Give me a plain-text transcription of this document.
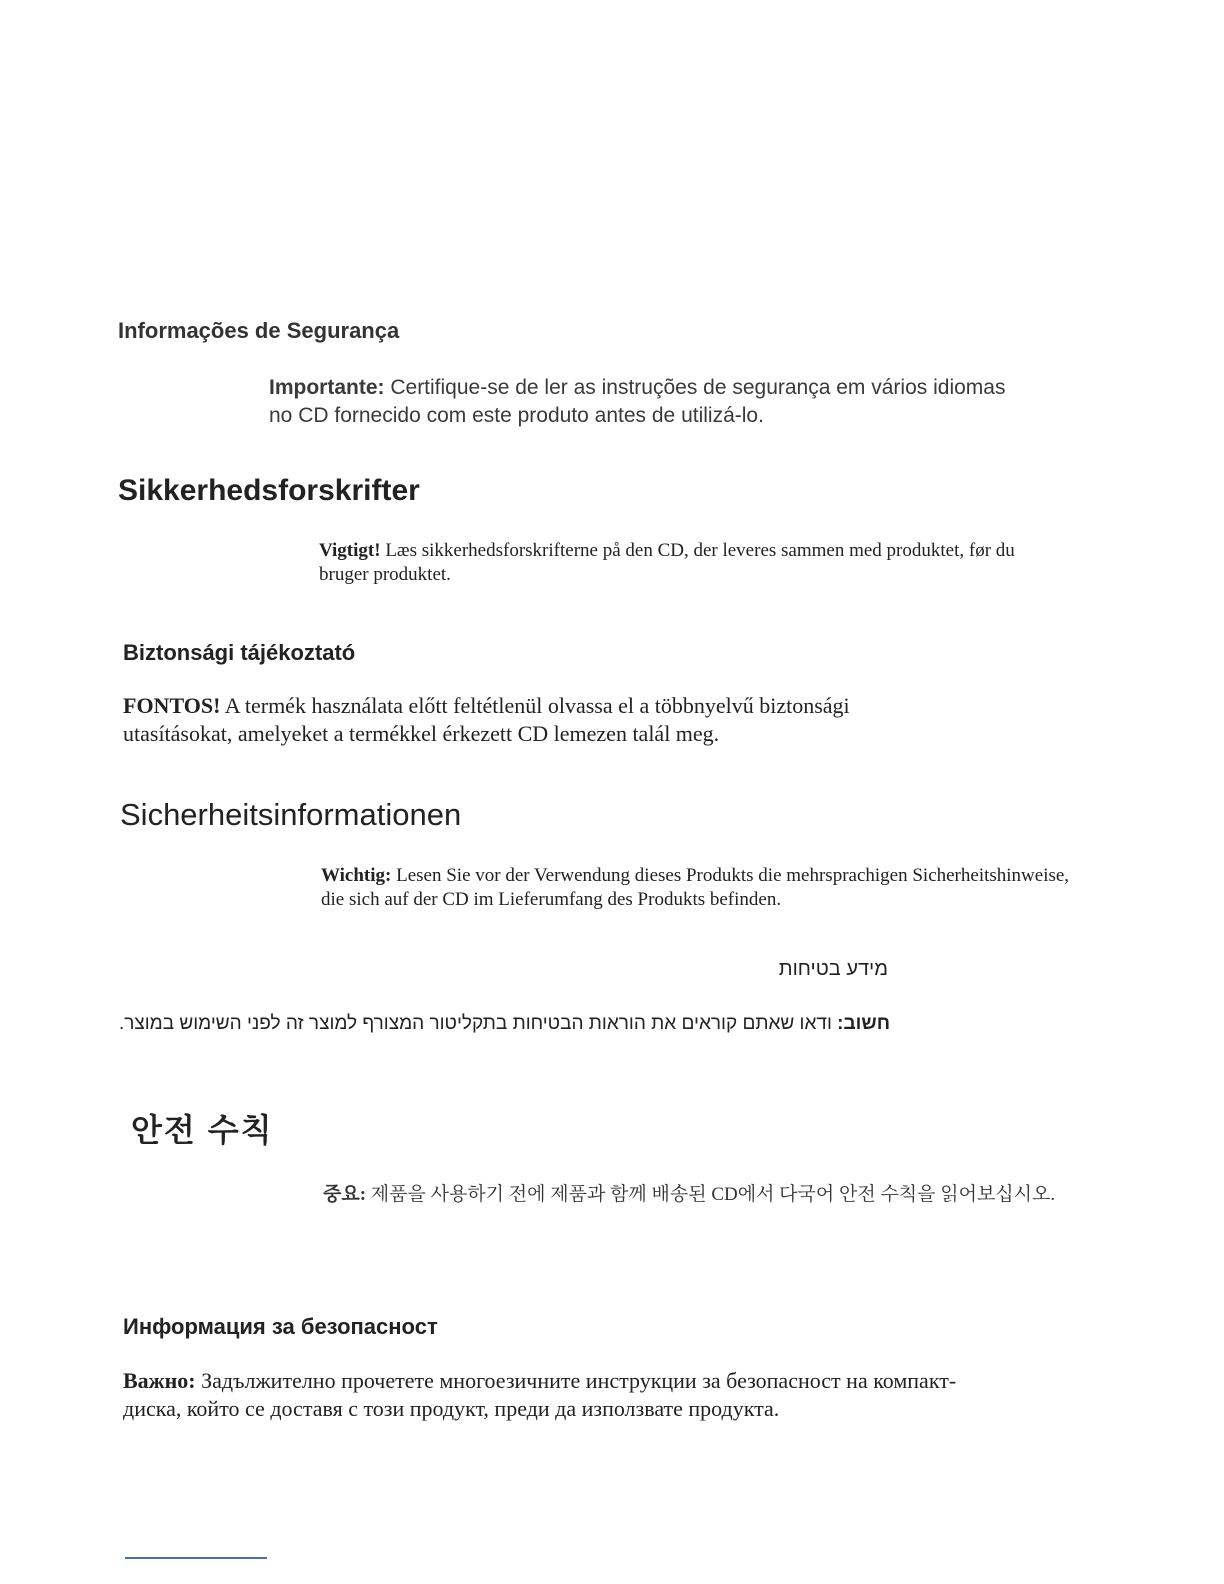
Informações de Segurança

Importante: Certifique-se de ler as instruções de segurança em vários idiomas no CD fornecido com este produto antes de utilizá-lo.

Sikkerhedsforskrifter

Vigtigt! Læs sikkerhedsforskrifterne på den CD, der leveres sammen med produktet, før du bruger produktet.

Biztonsági tájékoztató

FONTOS! A termék használata előtt feltétlenül olvassa el a többnyelvű biztonsági utasításokat, amelyeket a termékkel érkezett CD lemezen talál meg.

Sicherheitsinformationen

Wichtig: Lesen Sie vor der Verwendung dieses Produkts die mehrsprachigen Sicherheitshinweise, die sich auf der CD im Lieferumfang des Produkts befinden.

מידע בטיחות

חשוב: ודאו שאתם קוראים את הוראות הבטיחות בתקליטור המצורף למוצר זה לפני השימוש במוצר.

안전 수칙

중요: 제품을 사용하기 전에 제품과 함께 배송된 CD에서 다국어 안전 수칙을 읽어보십시오.

Информация за безопасност

Важно: Задължително прочетете многоезичните инструкции за безопасност на компакт-диска, който се доставя с този продукт, преди да използвате продукта.
